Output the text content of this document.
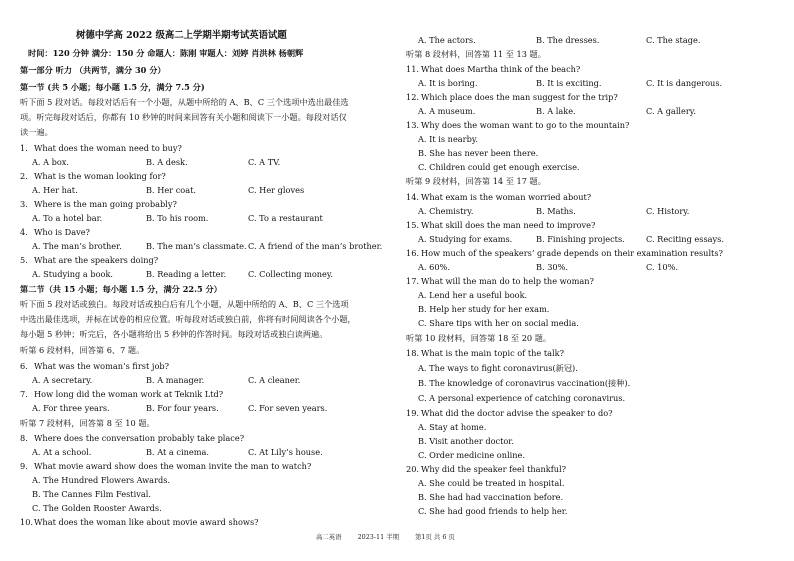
树德中学高 2022 级高二上学期半期考试英语试题
时间：120 分钟 满分：150 分 命题人：陈刚 审题人：刘婷 肖洪林 杨朝辉
第一部分 听力 （共两节，满分 30 分）
第一节 (共 5 小题；每小题 1.5 分，满分 7.5 分)
听下面 5 段对话。每段对话后有一个小题，从题中所给的 A、B、C 三个选项中选出最佳选
项。听完每段对话后，你都有 10 秒钟的时间来回答有关小题和阅读下一小题。每段对话仅
读一遍。
1. What does the woman need to buy?
A. A box.	B. A desk.	C. A TV.
2. What is the woman looking for?
A. Her hat.	B. Her coat.	C. Her gloves
3. Where is the man going probably?
A. To a hotel bar.	B. To his room.	C. To a restaurant
4. Who is Dave?
A. The man’s brother.	B. The man’s classmate. C. A friend of the man’s brother.
5. What are the speakers doing?
A. Studying a book.	B. Reading a letter.	C. Collecting money.
第二节（共 15 小题；每小题 1.5 分，满分 22.5 分）
听下面 5 段对话或独白。每段对话或独白后有几个小题，从题中所给的 A、B、C 三个选项
中选出最佳选项，并标在试卷的相应位置。听每段对话或独白前，你将有时间阅读各个小题，
每小题 5 秒钟；听完后，各小题将给出 5 秒钟的作答时间。每段对话或独白读两遍。
听第 6 段材料，回答第 6、7 题。
6. What was the woman’s first job?
A. A secretary.	B. A manager.	C. A cleaner.
7. How long did the woman work at Teknik Ltd?
A. For three years.	B. For four years.	C. For seven years.
听第 7 段材料，回答第 8 至 10 题。
8. Where does the conversation probably take place?
A. At a school.	B. At a cinema.	C. At Lily’s house.
9. What movie award show does the woman invite the man to watch?
A. The Hundred Flowers Awards.
B. The Cannes Film Festival.
C. The Golden Rooster Awards.
10. What does the woman like about movie award shows?
A. The actors.	B. The dresses.	C. The stage.
听第 8 段材料，回答第 11 至 13 题。
11. What does Martha think of the beach?
A. It is boring.	B. It is exciting.	C. It is dangerous.
12. Which place does the man suggest for the trip?
A. A museum.	B. A lake.	C. A gallery.
13. Why does the woman want to go to the mountain?
A. It is nearby.
B. She has never been there.
C. Children could get enough exercise.
听第 9 段材料，回答第 14 至 17 题。
14. What exam is the woman worried about?
A. Chemistry.	B. Maths.	C. History.
15. What skill does the man need to improve?
A. Studying for exams.	B. Finishing projects.	C. Reciting essays.
16. How much of the speakers’ grade depends on their examination results?
A. 60%.	B. 30%.	C. 10%.
17. What will the man do to help the woman?
A. Lend her a useful book.
B. Help her study for her exam.
C. Share tips with her on social media.
听第 10 段材料，回答第 18 至 20 题。
18. What is the main topic of the talk?
A. The ways to fight coronavirus(新冠).
B. The knowledge of coronavirus vaccination(接种).
C. A personal experience of catching coronavirus.
19. What did the doctor advise the speaker to do?
A. Stay at home.
B. Visit another doctor.
C. Order medicine online.
20. Why did the speaker feel thankful?
A. She could be treated in hospital.
B. She had had vaccination before.
C. She had good friends to help her.
高二英语	2023-11 半期	第1页 共 6 页
